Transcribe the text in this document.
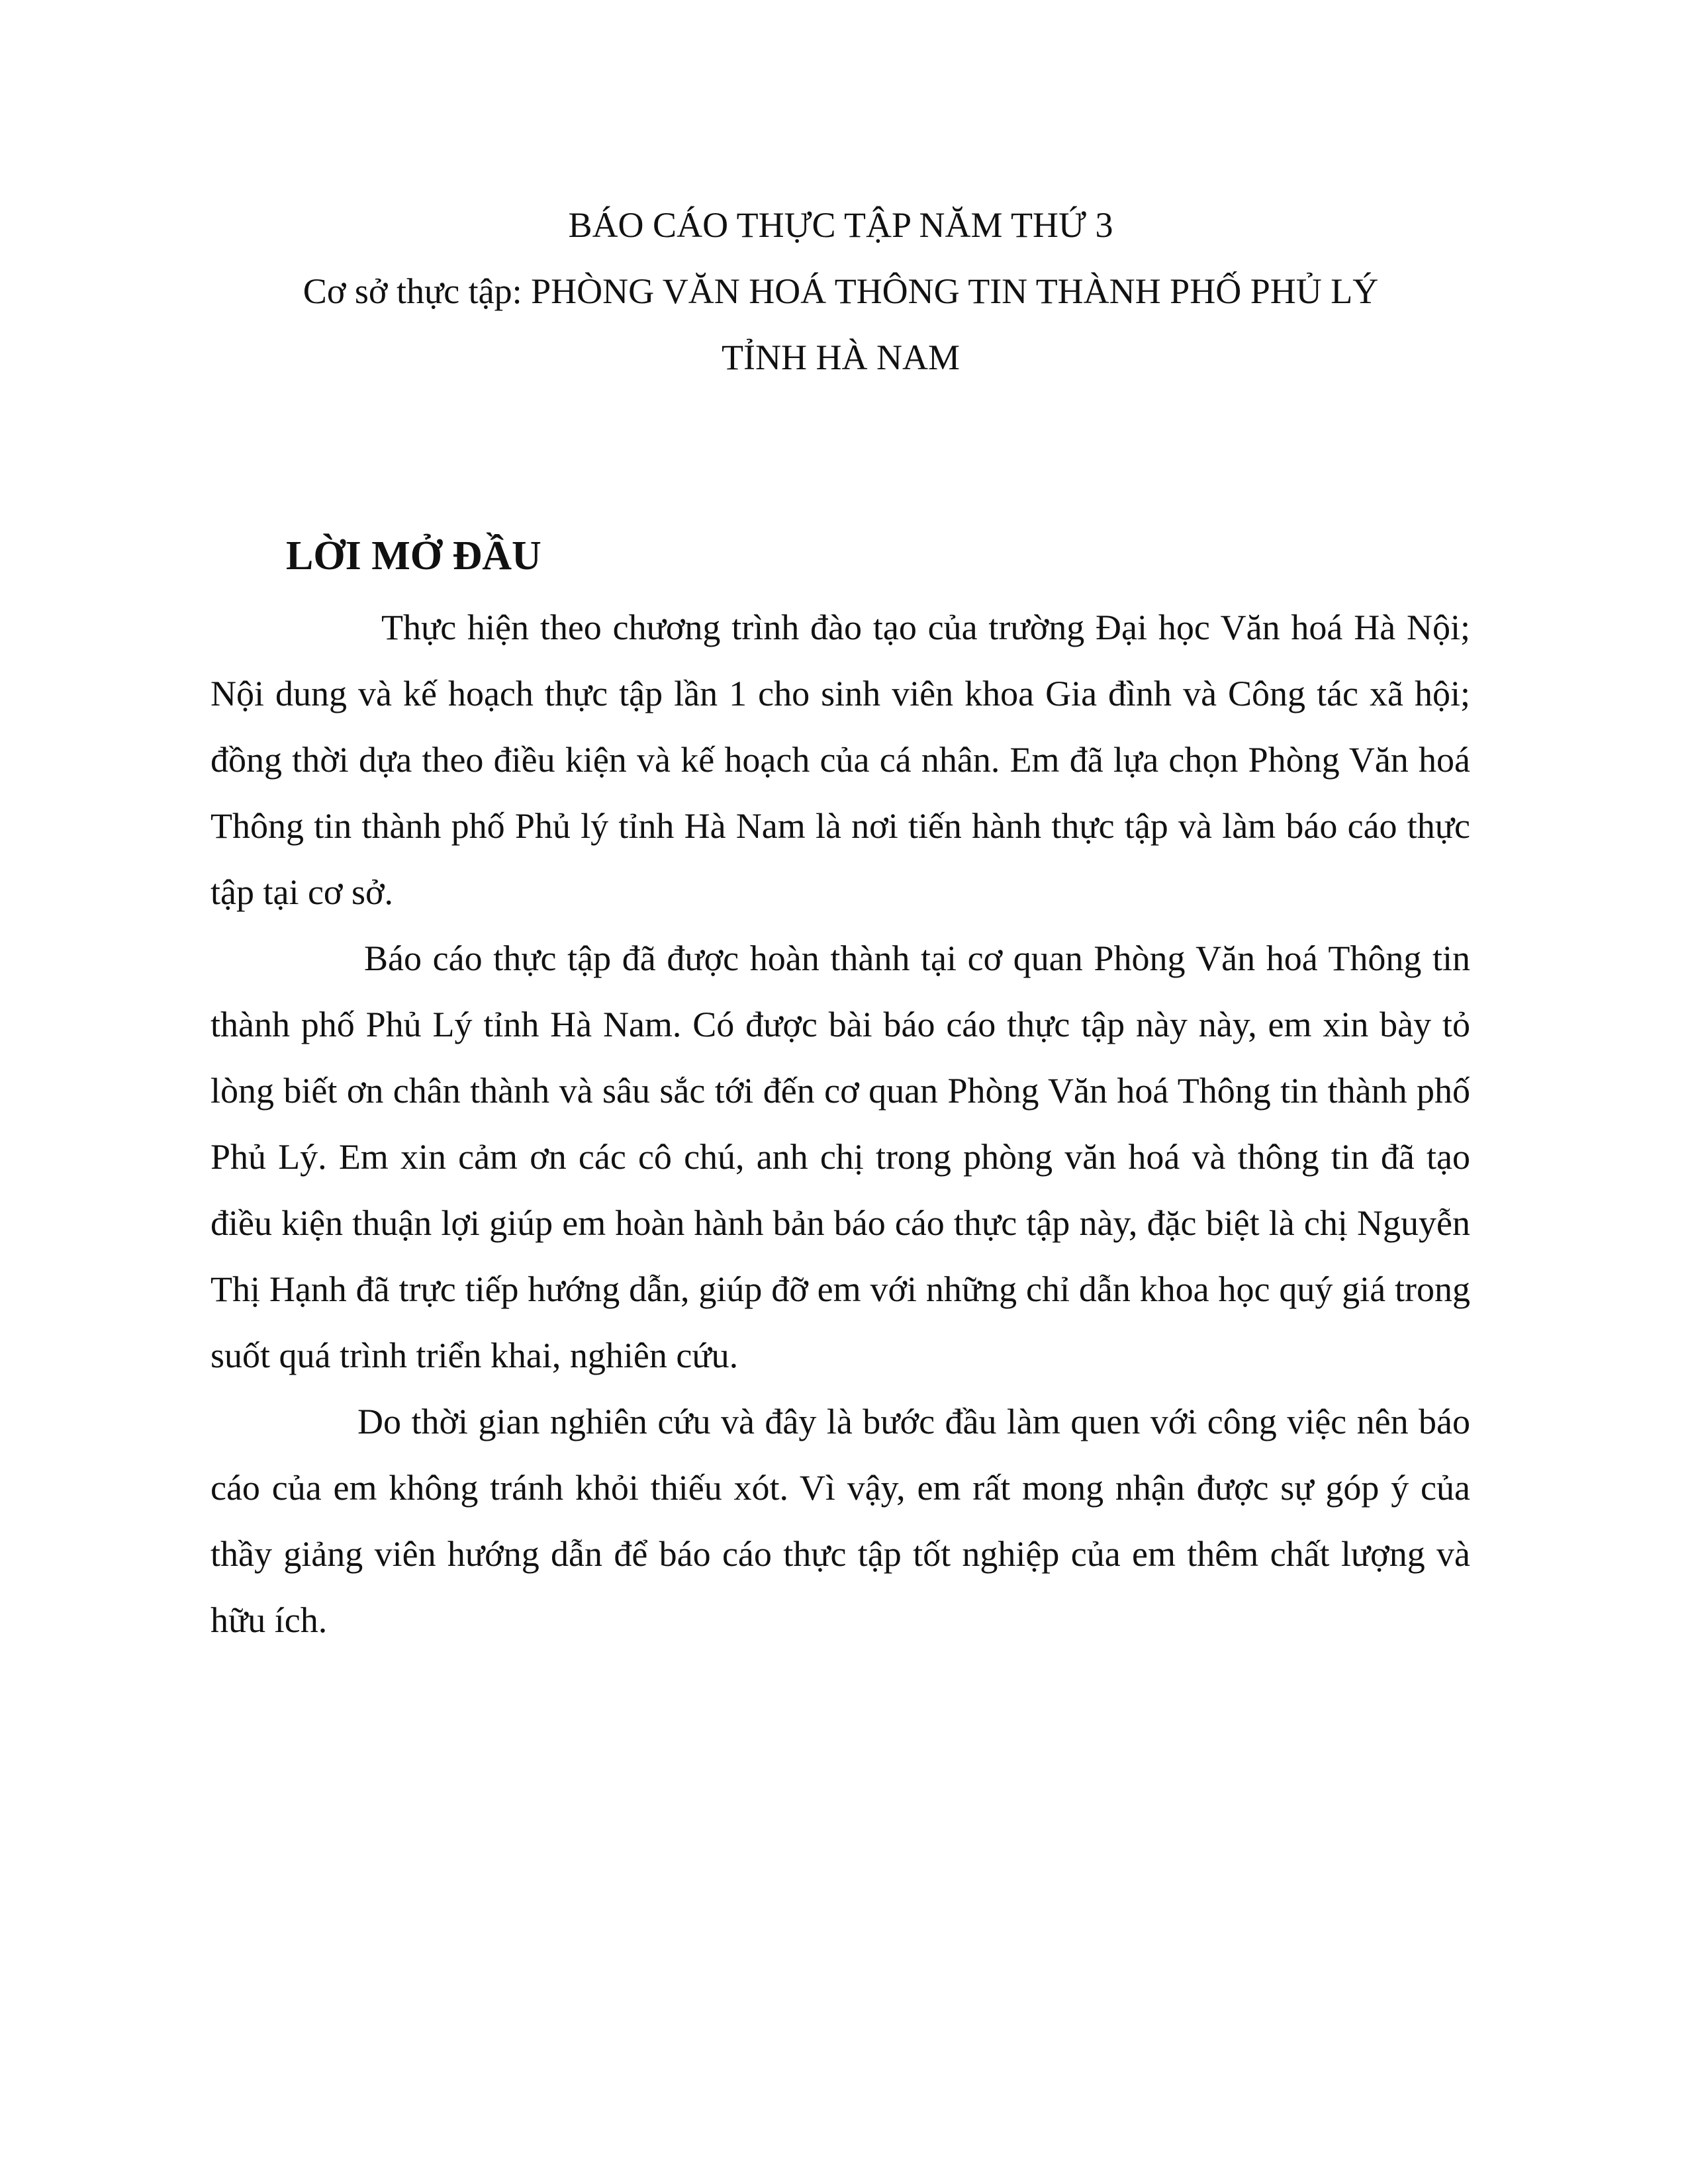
BÁO CÁO THỰC TẬP NĂM THỨ 3
Cơ sở thực tập: PHÒNG VĂN HOÁ THÔNG TIN THÀNH PHỐ PHỦ LÝ
TỈNH HÀ NAM
LỜI MỞ ĐẦU

Thực hiện theo chương trình đào tạo của trường Đại học Văn hoá Hà Nội; Nội dung và kế hoạch thực tập lần 1 cho sinh viên khoa Gia đình và Công tác xã hội; đồng thời dựa theo điều kiện và kế hoạch của cá nhân. Em đã lựa chọn Phòng Văn hoá Thông tin thành phố Phủ lý tỉnh Hà Nam là nơi tiến hành thực tập và làm báo cáo thực tập tại cơ sở.

Báo cáo thực tập đã được hoàn thành tại cơ quan Phòng Văn hoá Thông tin thành phố Phủ Lý tỉnh Hà Nam. Có được bài báo cáo thực tập này này, em xin bày tỏ lòng biết ơn chân thành và sâu sắc tới đến cơ quan Phòng Văn hoá Thông tin thành phố Phủ Lý. Em xin cảm ơn các cô chú, anh chị trong phòng văn hoá và thông tin đã tạo điều kiện thuận lợi giúp em hoàn hành bản báo cáo thực tập này, đặc biệt là chị Nguyễn Thị Hạnh đã trực tiếp hướng dẫn, giúp đỡ em với những chỉ dẫn khoa học quý giá trong suốt quá trình triển khai, nghiên cứu.

Do thời gian nghiên cứu và đây là bước đầu làm quen với công việc nên báo cáo của em không tránh khỏi thiếu xót. Vì vậy, em rất mong nhận được sự góp ý của thầy giảng viên hướng dẫn để báo cáo thực tập tốt nghiệp của em thêm chất lượng và hữu ích.
